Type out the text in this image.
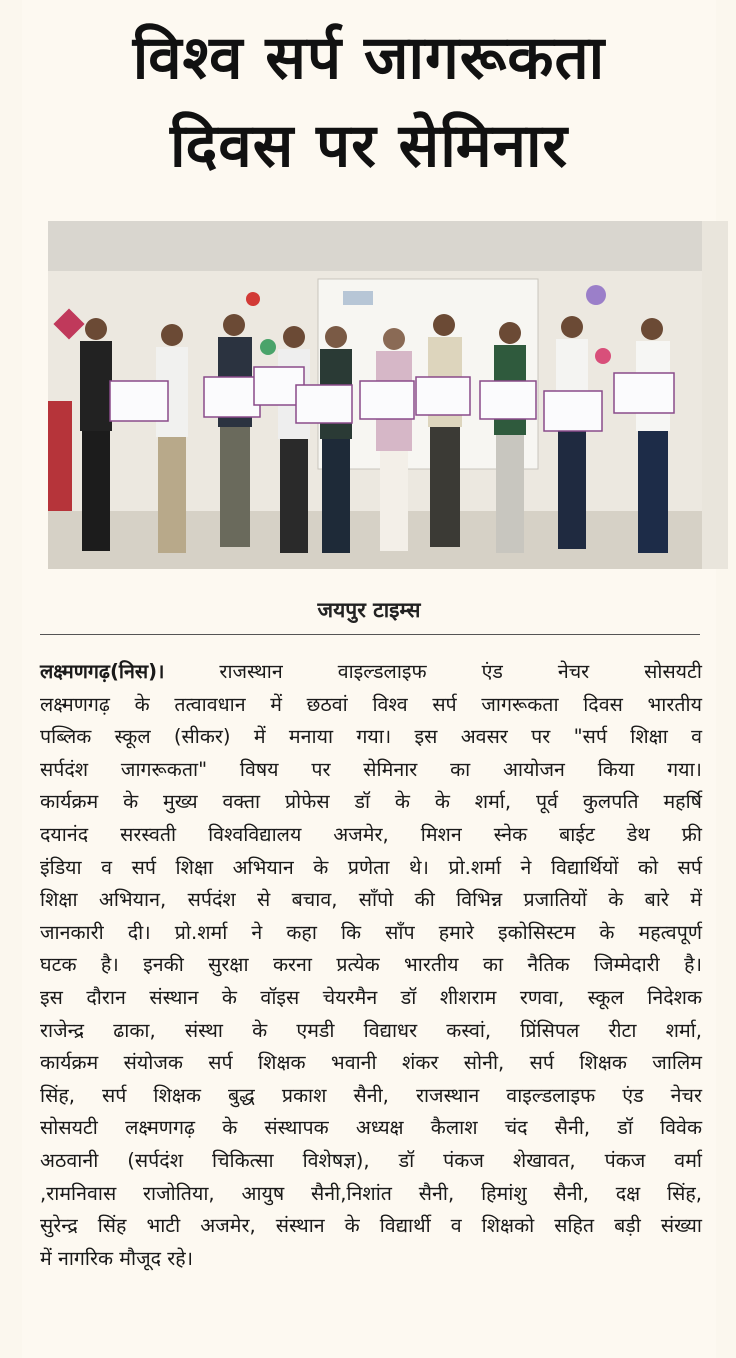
विश्व सर्प जागरूकता
दिवस पर सेमिनार
जयपुर टाइम्स
लक्ष्मणगढ़(निस)। राजस्थान वाइल्डलाइफ एंड नेचर सोसयटी
लक्ष्मणगढ़ के तत्वावधान में छठवां विश्व सर्प जागरूकता दिवस भारतीय
पब्लिक स्कूल (सीकर) में मनाया गया। इस अवसर पर "सर्प शिक्षा व
सर्पदंश जागरूकता" विषय पर सेमिनार का आयोजन किया गया।
कार्यक्रम के मुख्य वक्ता प्रोफेस डॉ के के शर्मा, पूर्व कुलपति महर्षि
दयानंद सरस्वती विश्वविद्यालय अजमेर, मिशन स्नेक बाईट डेथ फ्री
इंडिया व सर्प शिक्षा अभियान के प्रणेता थे। प्रो.शर्मा ने विद्यार्थियों को सर्प
शिक्षा अभियान, सर्पदंश से बचाव, साँपो की विभिन्न प्रजातियों के बारे में
जानकारी दी। प्रो.शर्मा ने कहा कि साँप हमारे इकोसिस्टम के महत्वपूर्ण
घटक है। इनकी सुरक्षा करना प्रत्येक भारतीय का नैतिक जिम्मेदारी है।
इस दौरान संस्थान के वॉइस चेयरमैन डॉ शीशराम रणवा, स्कूल निदेशक
राजेन्द्र ढाका, संस्था के एमडी विद्याधर कस्वां, प्रिंसिपल रीटा शर्मा,
कार्यक्रम संयोजक सर्प शिक्षक भवानी शंकर सोनी, सर्प शिक्षक जालिम
सिंह, सर्प शिक्षक बुद्ध प्रकाश सैनी, राजस्थान वाइल्डलाइफ एंड नेचर
सोसयटी लक्ष्मणगढ़ के संस्थापक अध्यक्ष कैलाश चंद सैनी, डॉ विवेक
अठवानी (सर्पदंश चिकित्सा विशेषज्ञ), डॉ पंकज शेखावत, पंकज वर्मा
,रामनिवास राजोतिया, आयुष सैनी,निशांत सैनी, हिमांशु सैनी, दक्ष सिंह,
सुरेन्द्र सिंह भाटी अजमेर, संस्थान के विद्यार्थी व शिक्षको सहित बड़ी संख्या
में नागरिक मौजूद रहे।
